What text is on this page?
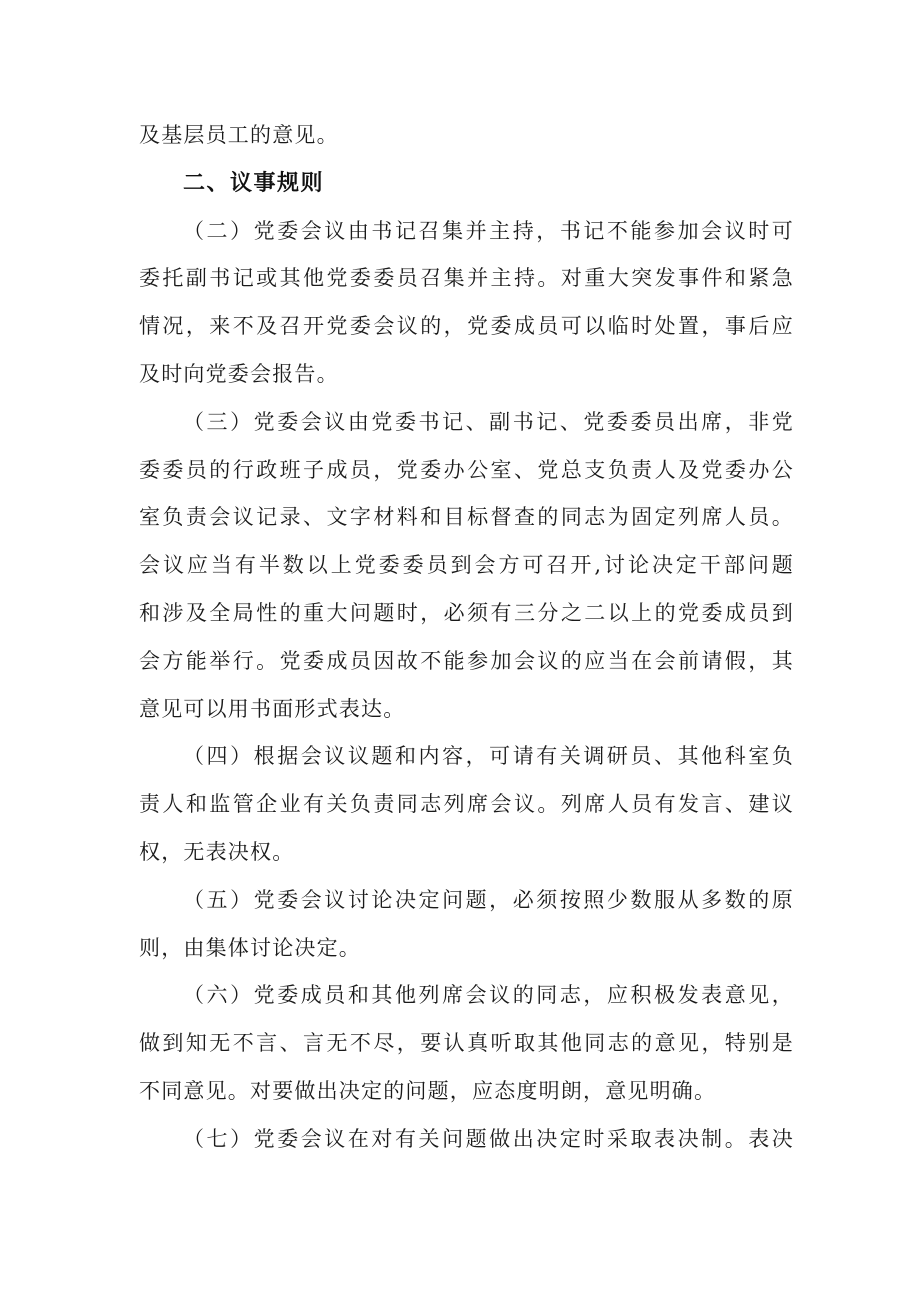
及基层员工的意见。
二、议事规则
（二）党委会议由书记召集并主持，书记不能参加会议时可
委托副书记或其他党委委员召集并主持。对重大突发事件和紧急
情况，来不及召开党委会议的，党委成员可以临时处置，事后应
及时向党委会报告。
（三）党委会议由党委书记、副书记、党委委员出席，非党
委委员的行政班子成员，党委办公室、党总支负责人及党委办公
室负责会议记录、文字材料和目标督查的同志为固定列席人员。
会议应当有半数以上党委委员到会方可召开,讨论决定干部问题
和涉及全局性的重大问题时，必须有三分之二以上的党委成员到
会方能举行。党委成员因故不能参加会议的应当在会前请假，其
意见可以用书面形式表达。
（四）根据会议议题和内容，可请有关调研员、其他科室负
责人和监管企业有关负责同志列席会议。列席人员有发言、建议
权，无表决权。
（五）党委会议讨论决定问题，必须按照少数服从多数的原
则，由集体讨论决定。
（六）党委成员和其他列席会议的同志，应积极发表意见，
做到知无不言、言无不尽，要认真听取其他同志的意见，特别是
不同意见。对要做出决定的问题，应态度明朗，意见明确。
（七）党委会议在对有关问题做出决定时采取表决制。表决
